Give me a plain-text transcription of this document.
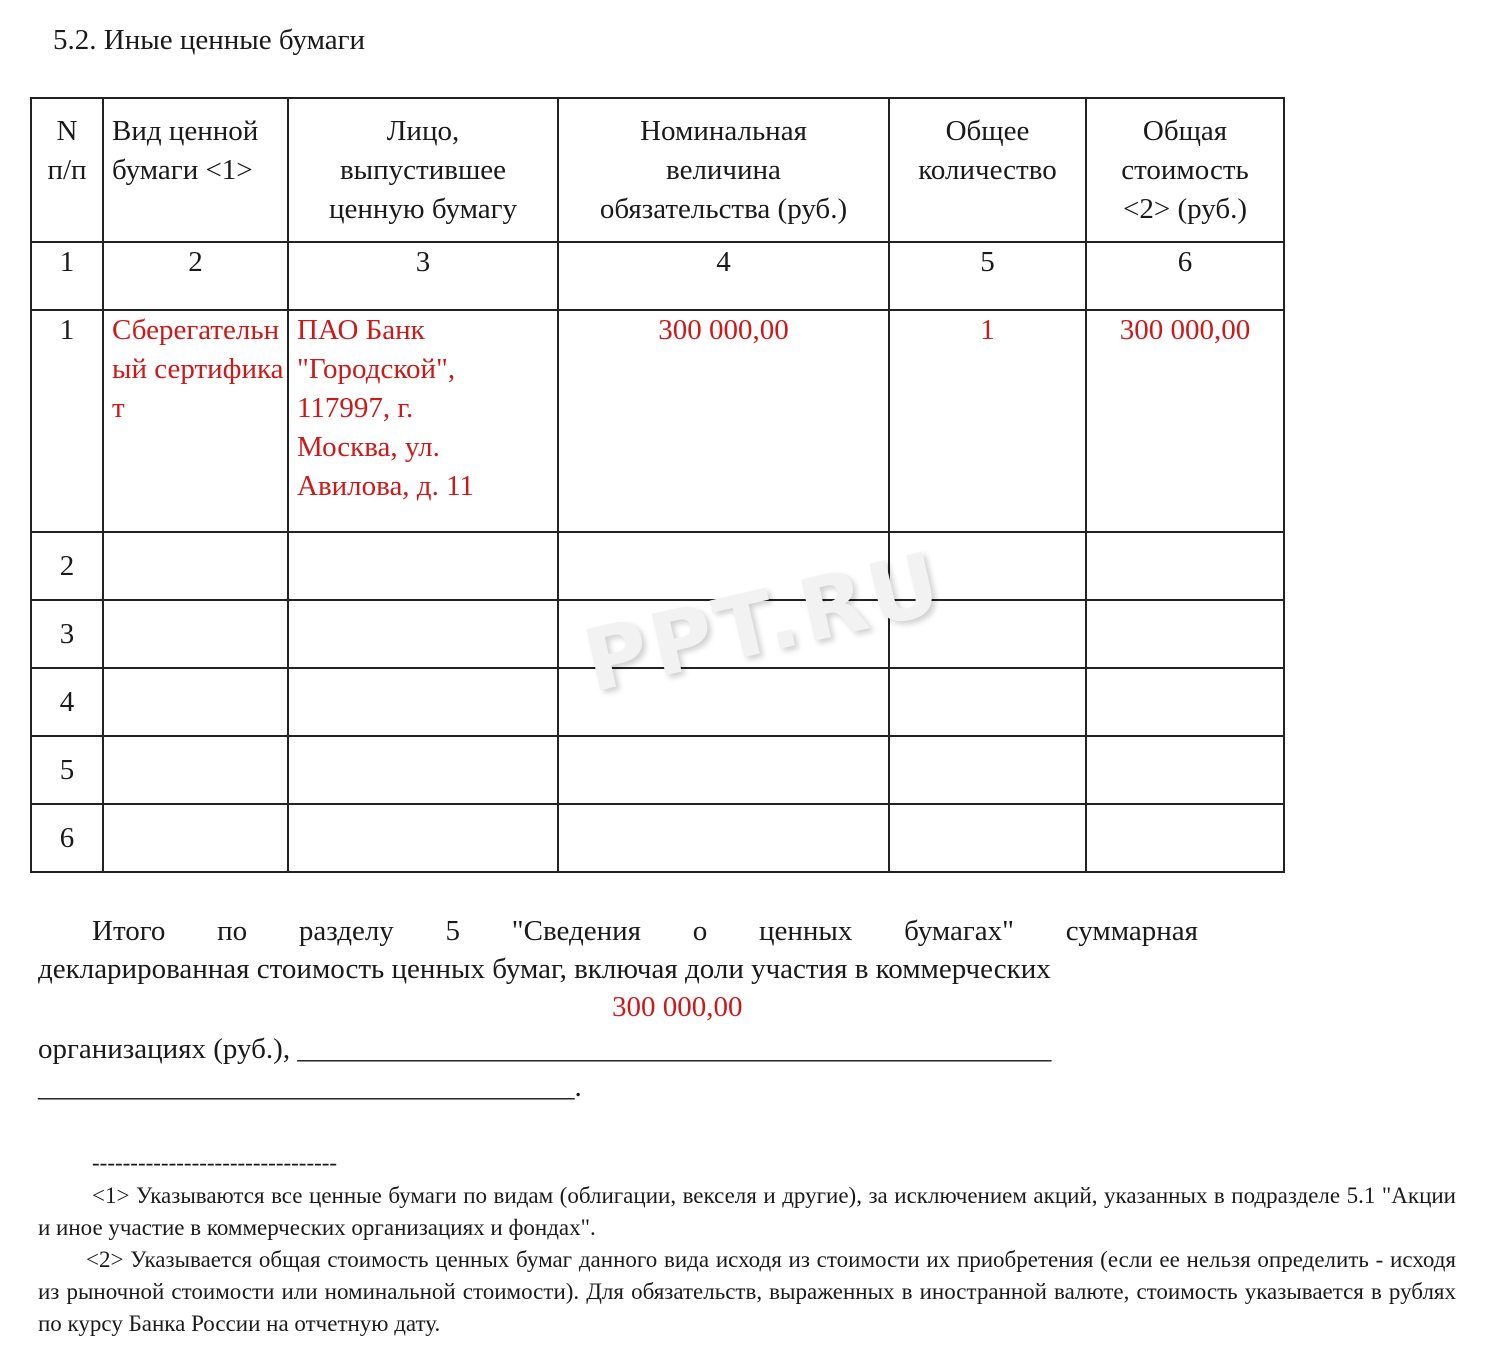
5.2. Иные ценные бумаги
N п/п	Вид ценной бумаги <1>	Лицо, выпустившее ценную бумагу	Номинальная величина обязательства (руб.)	Общее количество	Общая стоимость <2> (руб.)
1	2	3	4	5	6
1	Сберегательный сертификат	ПАО Банк "Городской", 117997, г. Москва, ул. Авилова, д. 11	300 000,00	1	300 000,00
2					
3					
4					
5					
6					
PPT.RU
Итого по разделу 5 "Сведения о ценных бумагах" суммарная
декларированная стоимость ценных бумаг, включая доли участия в коммерческих
300 000,00
организациях (руб.), ____________________________________________________
_____________________________________.
--------------------------------
<1> Указываются все ценные бумаги по видам (облигации, векселя и другие), за исключением акций, указанных в подразделе 5.1 "Акции и иное участие в коммерческих организациях и фондах".
<2> Указывается общая стоимость ценных бумаг данного вида исходя из стоимости их приобретения (если ее нельзя определить - исходя из рыночной стоимости или номинальной стоимости). Для обязательств, выраженных в иностранной валюте, стоимость указывается в рублях по курсу Банка России на отчетную дату.
